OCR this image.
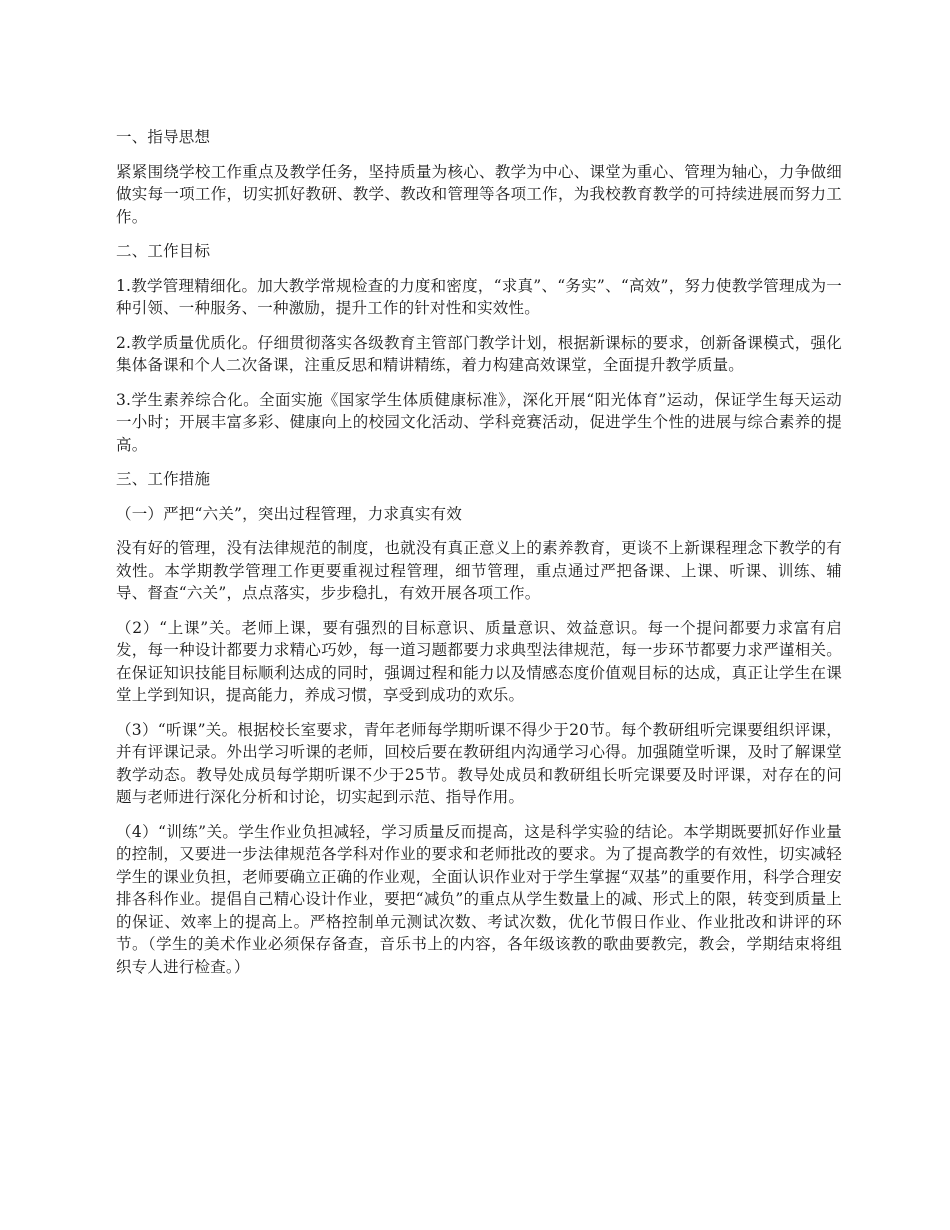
一、指导思想

紧紧围绕学校工作重点及教学任务，坚持质量为核心、教学为中心、课堂为重心、管理为轴心，力争做细做实每一项工作，切实抓好教研、教学、教改和管理等各项工作，为我校教育教学的可持续进展而努力工作。

二、工作目标

1.教学管理精细化。加大教学常规检查的力度和密度，“求真”、“务实”、“高效”，努力使教学管理成为一种引领、一种服务、一种激励，提升工作的针对性和实效性。

2.教学质量优质化。仔细贯彻落实各级教育主管部门教学计划，根据新课标的要求，创新备课模式，强化集体备课和个人二次备课，注重反思和精讲精练，着力构建高效课堂，全面提升教学质量。

3.学生素养综合化。全面实施《国家学生体质健康标准》，深化开展“阳光体育”运动，保证学生每天运动一小时；开展丰富多彩、健康向上的校园文化活动、学科竞赛活动，促进学生个性的进展与综合素养的提高。

三、工作措施

（一）严把“六关”，突出过程管理，力求真实有效

没有好的管理，没有法律规范的制度，也就没有真正意义上的素养教育，更谈不上新课程理念下教学的有效性。本学期教学管理工作更要重视过程管理，细节管理，重点通过严把备课、上课、听课、训练、辅导、督查“六关”，点点落实，步步稳扎，有效开展各项工作。

（2）“上课”关。老师上课，要有强烈的目标意识、质量意识、效益意识。每一个提问都要力求富有启发，每一种设计都要力求精心巧妙，每一道习题都要力求典型法律规范，每一步环节都要力求严谨相关。在保证知识技能目标顺利达成的同时，强调过程和能力以及情感态度价值观目标的达成，真正让学生在课堂上学到知识，提高能力，养成习惯，享受到成功的欢乐。

（3）“听课”关。根据校长室要求，青年老师每学期听课不得少于20节。每个教研组听完课要组织评课，并有评课记录。外出学习听课的老师，回校后要在教研组内沟通学习心得。加强随堂听课，及时了解课堂教学动态。教导处成员每学期听课不少于25节。教导处成员和教研组长听完课要及时评课，对存在的问题与老师进行深化分析和讨论，切实起到示范、指导作用。

（4）“训练”关。学生作业负担减轻，学习质量反而提高，这是科学实验的结论。本学期既要抓好作业量的控制，又要进一步法律规范各学科对作业的要求和老师批改的要求。为了提高教学的有效性，切实减轻学生的课业负担，老师要确立正确的作业观，全面认识作业对于学生掌握“双基”的重要作用，科学合理安排各科作业。提倡自己精心设计作业，要把“减负”的重点从学生数量上的减、形式上的限，转变到质量上的保证、效率上的提高上。严格控制单元测试次数、考试次数，优化节假日作业、作业批改和讲评的环节。（学生的美术作业必须保存备查，音乐书上的内容，各年级该教的歌曲要教完，教会，学期结束将组织专人进行检查。）
